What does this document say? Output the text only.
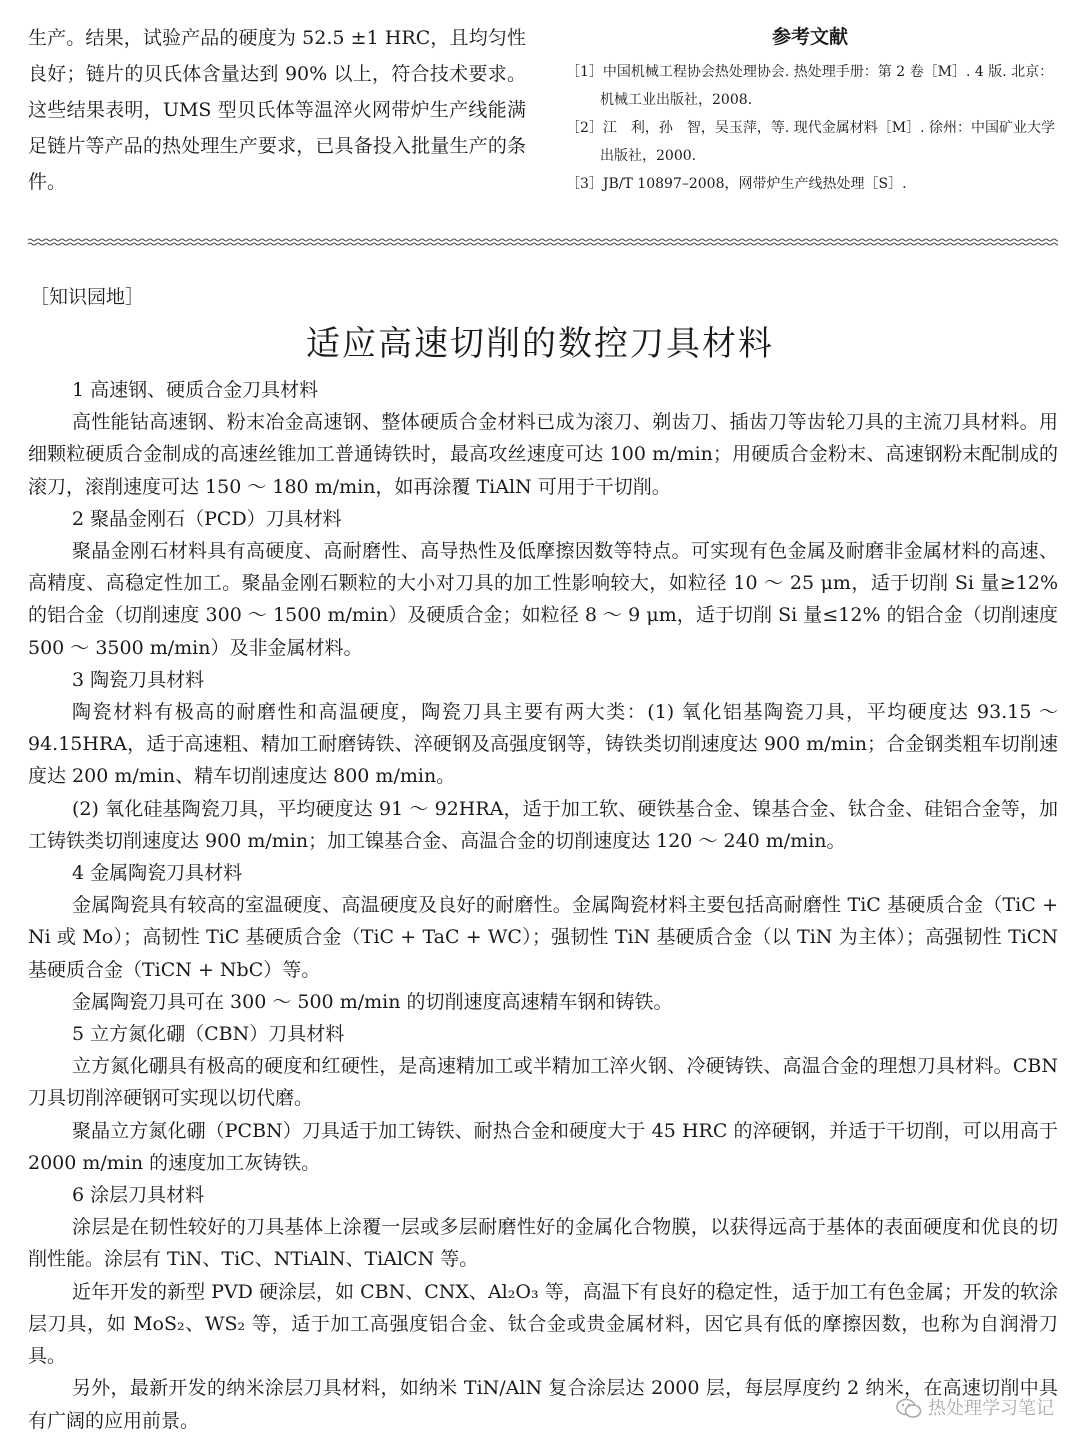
生产。结果，试验产品的硬度为 52.5 ±1 HRC，且均匀性良好；链片的贝氏体含量达到 90% 以上，符合技术要求。这些结果表明，UMS 型贝氏体等温淬火网带炉生产线能满足链片等产品的热处理生产要求，已具备投入批量生产的条件。
参考文献
［1］中国机械工程协会热处理协会. 热处理手册：第 2 卷［M］. 4 版. 北京：机械工业出版社，2008.
［2］江　利，孙　智，吴玉萍，等. 现代金属材料［M］. 徐州：中国矿业大学出版社，2000.
［3］JB/T 10897–2008，网带炉生产线热处理［S］.
［知识园地］
适应高速切削的数控刀具材料

1 高速钢、硬质合金刀具材料

高性能钴高速钢、粉末冶金高速钢、整体硬质合金材料已成为滚刀、剃齿刀、插齿刀等齿轮刀具的主流刀具材料。用细颗粒硬质合金制成的高速丝锥加工普通铸铁时，最高攻丝速度可达 100 m/min；用硬质合金粉末、高速钢粉末配制成的滚刀，滚削速度可达 150 ～ 180 m/min，如再涂覆 TiAlN 可用于干切削。

2 聚晶金刚石（PCD）刀具材料

聚晶金刚石材料具有高硬度、高耐磨性、高导热性及低摩擦因数等特点。可实现有色金属及耐磨非金属材料的高速、高精度、高稳定性加工。聚晶金刚石颗粒的大小对刀具的加工性影响较大，如粒径 10 ～ 25 μm，适于切削 Si 量≥12% 的铝合金（切削速度 300 ～ 1500 m/min）及硬质合金；如粒径 8 ～ 9 μm，适于切削 Si 量≤12% 的铝合金（切削速度 500 ～ 3500 m/min）及非金属材料。

3 陶瓷刀具材料

陶瓷材料有极高的耐磨性和高温硬度，陶瓷刀具主要有两大类：(1) 氧化铝基陶瓷刀具，平均硬度达 93.15 ～ 94.15HRA，适于高速粗、精加工耐磨铸铁、淬硬钢及高强度钢等，铸铁类切削速度达 900 m/min；合金钢类粗车切削速度达 200 m/min、精车切削速度达 800 m/min。

(2) 氧化硅基陶瓷刀具，平均硬度达 91 ～ 92HRA，适于加工软、硬铁基合金、镍基合金、钛合金、硅铝合金等，加工铸铁类切削速度达 900 m/min；加工镍基合金、高温合金的切削速度达 120 ～ 240 m/min。

4 金属陶瓷刀具材料

金属陶瓷具有较高的室温硬度、高温硬度及良好的耐磨性。金属陶瓷材料主要包括高耐磨性 TiC 基硬质合金（TiC + Ni 或 Mo）；高韧性 TiC 基硬质合金（TiC + TaC + WC）；强韧性 TiN 基硬质合金（以 TiN 为主体）；高强韧性 TiCN 基硬质合金（TiCN + NbC）等。

金属陶瓷刀具可在 300 ～ 500 m/min 的切削速度高速精车钢和铸铁。

5 立方氮化硼（CBN）刀具材料

立方氮化硼具有极高的硬度和红硬性，是高速精加工或半精加工淬火钢、冷硬铸铁、高温合金的理想刀具材料。CBN 刀具切削淬硬钢可实现以切代磨。

聚晶立方氮化硼（PCBN）刀具适于加工铸铁、耐热合金和硬度大于 45 HRC 的淬硬钢，并适于干切削，可以用高于 2000 m/min 的速度加工灰铸铁。

6 涂层刀具材料

涂层是在韧性较好的刀具基体上涂覆一层或多层耐磨性好的金属化合物膜，以获得远高于基体的表面硬度和优良的切削性能。涂层有 TiN、TiC、NTiAlN、TiAlCN 等。

近年开发的新型 PVD 硬涂层，如 CBN、CNX、Al₂O₃ 等，高温下有良好的稳定性，适于加工有色金属；开发的软涂层刀具，如 MoS₂、WS₂ 等，适于加工高强度铝合金、钛合金或贵金属材料，因它具有低的摩擦因数，也称为自润滑刀具。

另外，最新开发的纳米涂层刀具材料，如纳米 TiN/AlN 复合涂层达 2000 层，每层厚度约 2 纳米，在高速切削中具有广阔的应用前景。

热处理学习笔记
